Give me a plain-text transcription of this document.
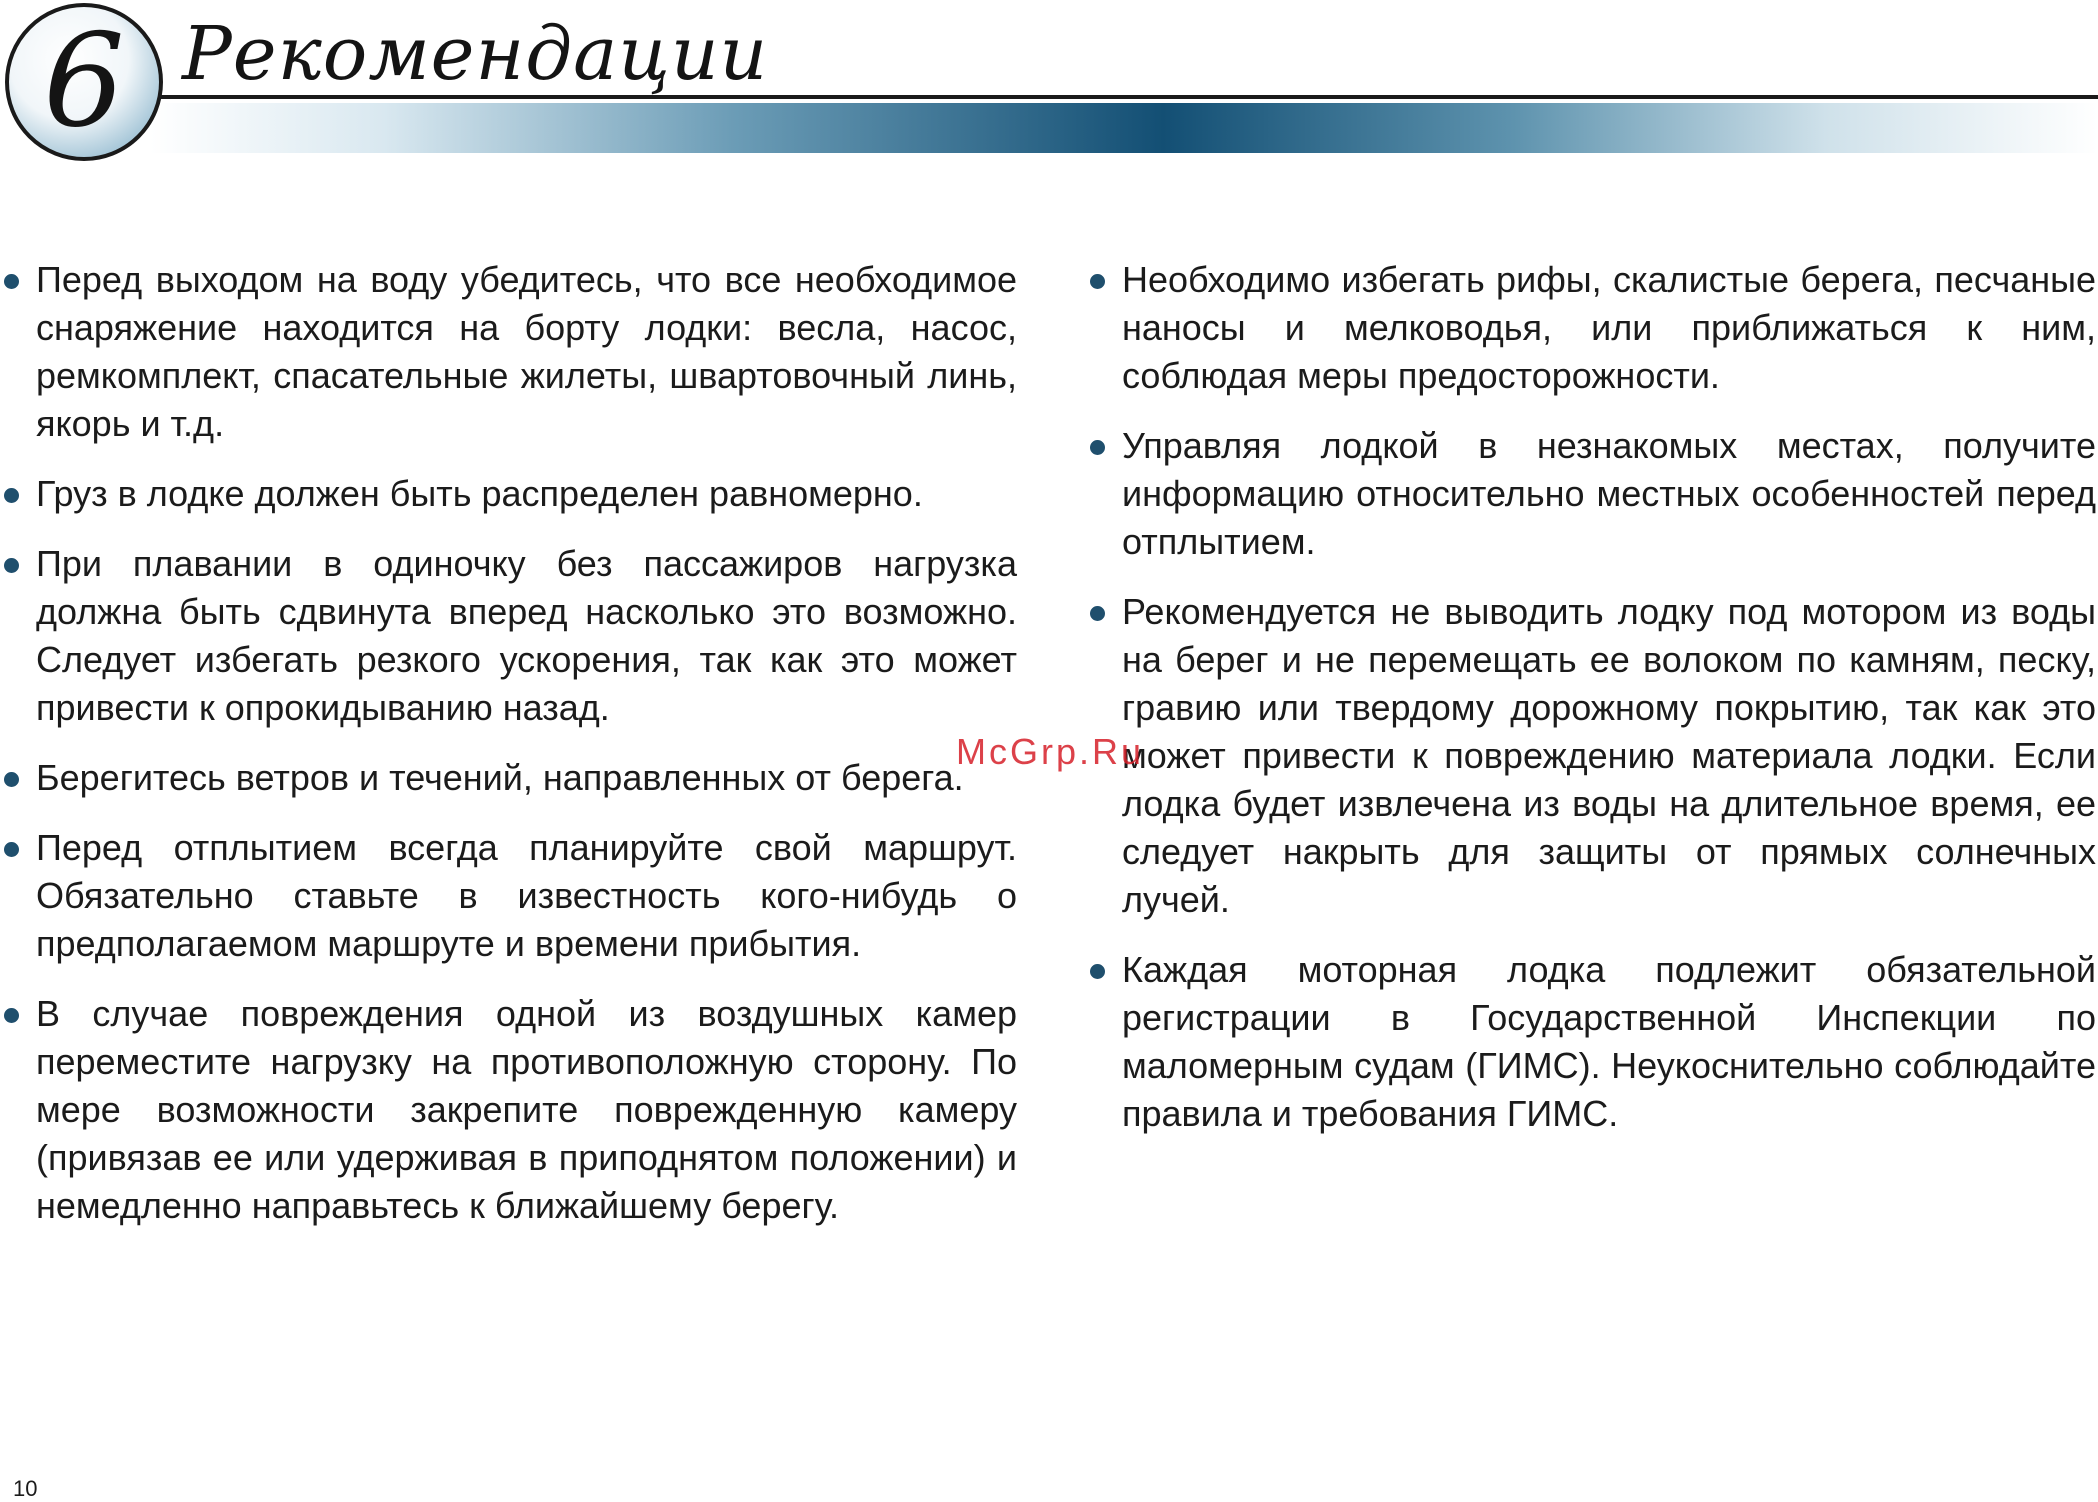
6 Рекомендации
Перед выходом на воду убедитесь, что все необходимое снаряжение находится на борту лодки: весла, насос, ремкомплект, спасательные жилеты, швартовочный линь, якорь и т.д.
Груз в лодке должен быть распределен равномерно.
При плавании в одиночку без пассажиров нагрузка должна быть сдвинута вперед насколько это возможно. Следует избегать резкого ускорения, так как это может привести к опрокидыванию назад.
Берегитесь ветров и течений, направленных от берега.
Перед отплытием всегда планируйте свой маршрут. Обязательно ставьте в известность кого-нибудь о предполагаемом маршруте и времени прибытия.
В случае повреждения одной из воздушных камер переместите нагрузку на противоположную сторону. По мере возможности закрепите поврежденную камеру (привязав ее или удерживая в приподнятом положении) и немедленно направьтесь к ближайшему берегу.
Необходимо избегать рифы, скалистые берега, песчаные наносы и мелководья, или приближаться к ним, соблюдая меры предосторожности.
Управляя лодкой в незнакомых местах, получите информацию относительно местных особенностей перед отплытием.
Рекомендуется не выводить лодку под мотором из воды на берег и не перемещать ее волоком по камням, песку, гравию или твердому дорожному покрытию, так как это может привести к повреждению материала лодки. Если лодка будет извлечена из воды на длительное время, ее следует накрыть для защиты от прямых солнечных лучей.
Каждая моторная лодка подлежит обязательной регистрации в Государственной Инспекции по маломерным судам (ГИМС). Неукоснительно соблюдайте правила и требования ГИМС.
McGrp.Ru
10
